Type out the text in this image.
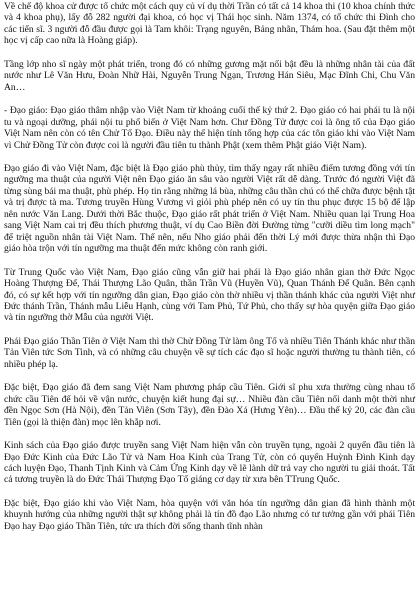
Về chế độ khoa cử được tổ chức một cách quy củ ví dụ thời Trần có tất cả 14 khoa thi (10 khoa chính thức và 4 khoa phụ), lấy đỗ 282 người đại khoa, có học vị Thái học sinh. Năm 1374, có tổ chức thi Đình cho các tiến sĩ. 3 người đỗ đầu được gọi là Tam khôi: Trạng nguyên, Bảng nhãn, Thám hoa. (Sau đặt thêm một học vị cấp cao nữa là Hoàng giáp).

Tầng lớp nho sĩ ngày một phát triển, trong đó có những gương mặt nổi bật đều là những nhân tài của đất nước như Lê Văn Hưu, Đoàn Nhữ Hài, Nguyễn Trung Ngạn, Trương Hán Siêu, Mạc Đĩnh Chi, Chu Văn An…

- Đạo giáo: Đạo giáo thâm nhập vào Việt Nam từ khoảng cuối thế kỷ thứ 2. Đạo giáo có hai phái tu là nội tu và ngoại dưỡng, phái nội tu phổ biến ở Việt Nam hơn. Chư Đồng Tử được coi là ông tổ của Đạo giáo Việt Nam nên còn có tên Chử Tổ Đạo. Điều này thể hiện tính tổng hợp của các tôn giáo khi vào Việt Nam vì Chử Đồng Tử còn được coi là người đầu tiên tu thành Phật (xem thêm Phật giáo Việt Nam).

Đạo giáo đi vào Việt Nam, đặc biệt là Đạo giáo phù thủy, tìm thấy ngay rất nhiều điểm tương đồng với tín ngưỡng ma thuật của người Việt nên Đạo giáo ăn sâu vào người Việt rất dễ dàng. Trước đó người Việt đã từng sùng bái ma thuật, phù phép. Họ tin rằng những lá bùa, những câu thần chú có thể chữa được bệnh tật và trị được tà ma. Tương truyền Hùng Vương vì giỏi phù phép nên có uy tín thu phục được 15 bộ để lập nên nước Văn Lang. Dưới thời Bắc thuộc, Đạo giáo rất phát triển ở Việt Nam. Nhiều quan lại Trung Hoa sang Việt Nam cai trị đều thích phương thuật, ví dụ Cao Biền đời Đường từng "cưỡi diều tìm long mạch" để triệt nguồn nhân tài Việt Nam. Thế nên, nếu Nho giáo phải đến thời Lý mới được thừa nhận thì Đạo giáo hòa trộn với tín ngưỡng ma thuật đến mức không còn ranh giới.

Từ Trung Quốc vào Việt Nam, Đạo giáo cũng vẫn giữ hai phái là Đạo giáo nhân gian thờ Đức Ngọc Hoàng Thượng Đế, Thái Thượng Lão Quân, thần Trần Vũ (Huyền Vũ), Quan Thánh Đế Quân. Bên cạnh đó, có sự kết hợp với tín ngưỡng dân gian, Đạo giáo còn thờ nhiều vị thần thánh khác của người Việt như Đức thánh Trần, Thánh mẫu Liễu Hạnh, cùng với Tam Phủ, Tứ Phủ, cho thấy sự hòa quyện giữa Đạo giáo và tín ngưỡng thờ Mẫu của người Việt.

Phái Đạo giáo Thần Tiên ở Việt Nam thì thờ Chử Đồng Tử làm ông Tổ và nhiều Tiên Thánh khác như thần Tản Viên tức Sơn Tinh, và có những câu chuyện về sự tích các đạo sĩ hoặc người thường tu thành tiên, có nhiều phép lạ.

Đặc biệt, Đạo giáo đã đem sang Việt Nam phương pháp cầu Tiên. Giới sĩ phu xưa thường cùng nhau tổ chức cầu Tiên để hỏi về vận nước, chuyện kiết hung đại sự… Nhiều đàn cầu Tiên nổi danh một thời như đền Ngọc Sơn (Hà Nội), đền Tản Viên (Sơn Tây), đền Đào Xá (Hưng Yên)… Đầu thế kỷ 20, các đàn cầu Tiên (gọi là thiện đàn) mọc lên khắp nơi.

Kinh sách của Đạo giáo được truyền sang Việt Nam hiện vẫn còn truyền tụng, ngoài 2 quyển đầu tiên là Đạo Đức Kinh của Đức Lão Tử và Nam Hoa Kinh của Trang Tử, còn có quyển Huỳnh Đình Kinh dạy cách luyện Đạo, Thanh Tịnh Kinh và Cảm Ứng Kinh dạy về lẽ lành dữ trả vay cho người tu giải thoát. Tất cả tương truyền là do Đức Thái Thượng Đạo Tổ giáng cơ dạy từ xưa bên TTrung Quốc.

Đặc biệt, Đạo giáo khi vào Việt Nam, hòa quyện với văn hóa tín ngưỡng dân gian đã hình thành một khuynh hướng của những người thật sự không phải là tín đồ đạo Lão nhưng có tư tưởng gần với phái Tiên Đạo hay Đạo giáo Thần Tiên, tức ưa thích đời sống thanh tĩnh nhàn
